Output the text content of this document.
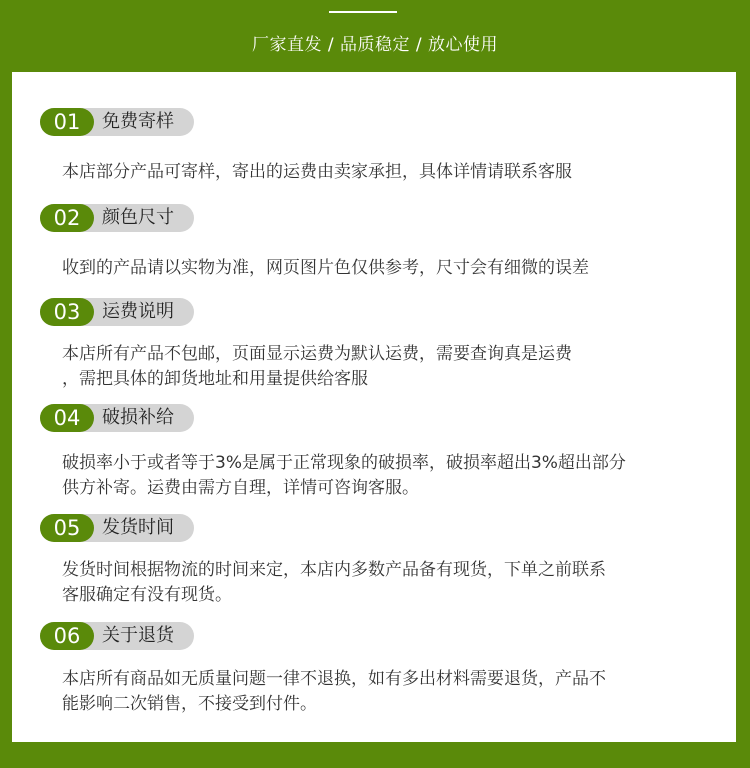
厂家直发 / 品质稳定 / 放心使用
01	免费寄样
本店部分产品可寄样，寄出的运费由卖家承担，具体详情请联系客服
02	颜色尺寸
收到的产品请以实物为准，网页图片色仅供参考，尺寸会有细微的误差
03	运费说明
本店所有产品不包邮，页面显示运费为默认运费，需要查询真是运费
，需把具体的卸货地址和用量提供给客服
04	破损补给
破损率小于或者等于3%是属于正常现象的破损率，破损率超出3%超出部分
供方补寄。运费由需方自理，详情可咨询客服。
05	发货时间
发货时间根据物流的时间来定，本店内多数产品备有现货，下单之前联系
客服确定有没有现货。
06	关于退货
本店所有商品如无质量问题一律不退换，如有多出材料需要退货，产品不
能影响二次销售，不接受到付件。
